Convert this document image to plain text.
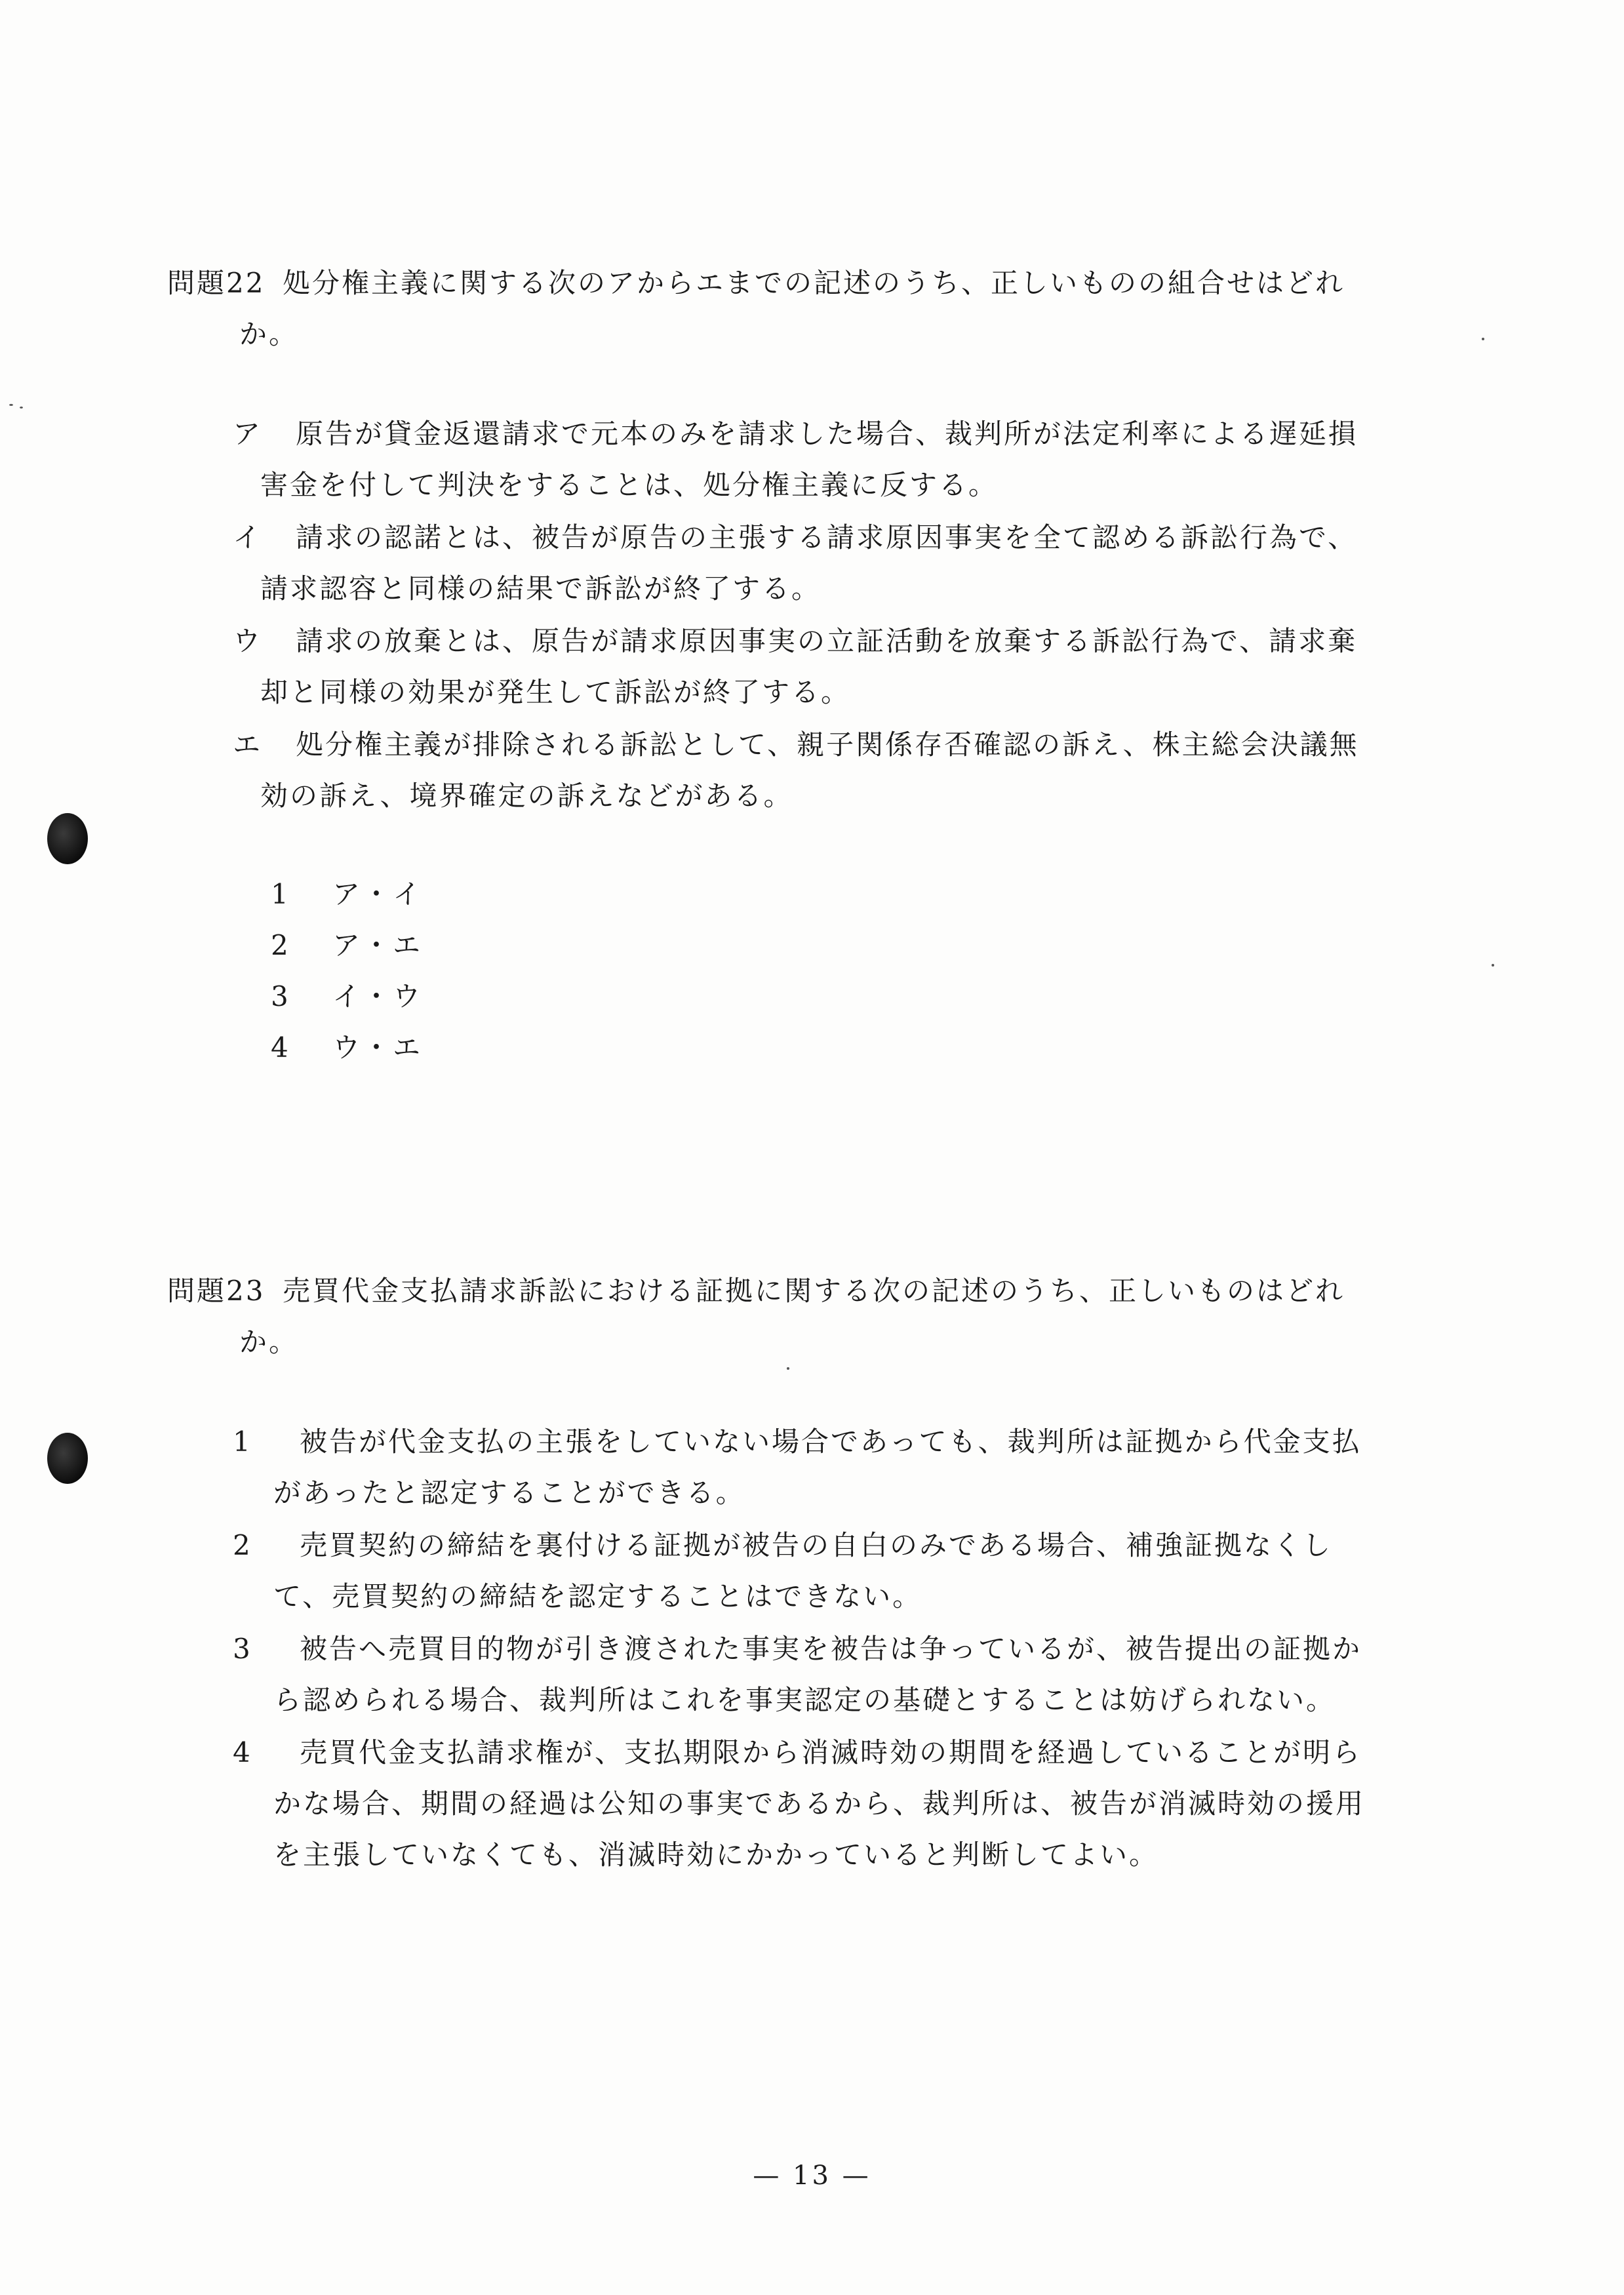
問題22 処分権主義に関する次のアからエまでの記述のうち、正しいものの組合せはどれ
か。
ア	原告が貸金返還請求で元本のみを請求した場合、裁判所が法定利率による遅延損
害金を付して判決をすることは、処分権主義に反する。
イ	請求の認諾とは、被告が原告の主張する請求原因事実を全て認める訴訟行為で、
請求認容と同様の結果で訴訟が終了する。
ウ	請求の放棄とは、原告が請求原因事実の立証活動を放棄する訴訟行為で、請求棄
却と同様の効果が発生して訴訟が終了する。
エ	処分権主義が排除される訴訟として、親子関係存否確認の訴え、株主総会決議無
効の訴え、境界確定の訴えなどがある。
1 ア・イ
2 ア・エ
3 イ・ウ
4 ウ・エ
問題23 売買代金支払請求訴訟における証拠に関する次の記述のうち、正しいものはどれ
か。
1	被告が代金支払の主張をしていない場合であっても、裁判所は証拠から代金支払
があったと認定することができる。
2	売買契約の締結を裏付ける証拠が被告の自白のみである場合、補強証拠なくし
て、売買契約の締結を認定することはできない。
3	被告へ売買目的物が引き渡された事実を被告は争っているが、被告提出の証拠か
ら認められる場合、裁判所はこれを事実認定の基礎とすることは妨げられない。
4	売買代金支払請求権が、支払期限から消滅時効の期間を経過していることが明ら
かな場合、期間の経過は公知の事実であるから、裁判所は、被告が消滅時効の援用
を主張していなくても、消滅時効にかかっていると判断してよい。
— 13 —
